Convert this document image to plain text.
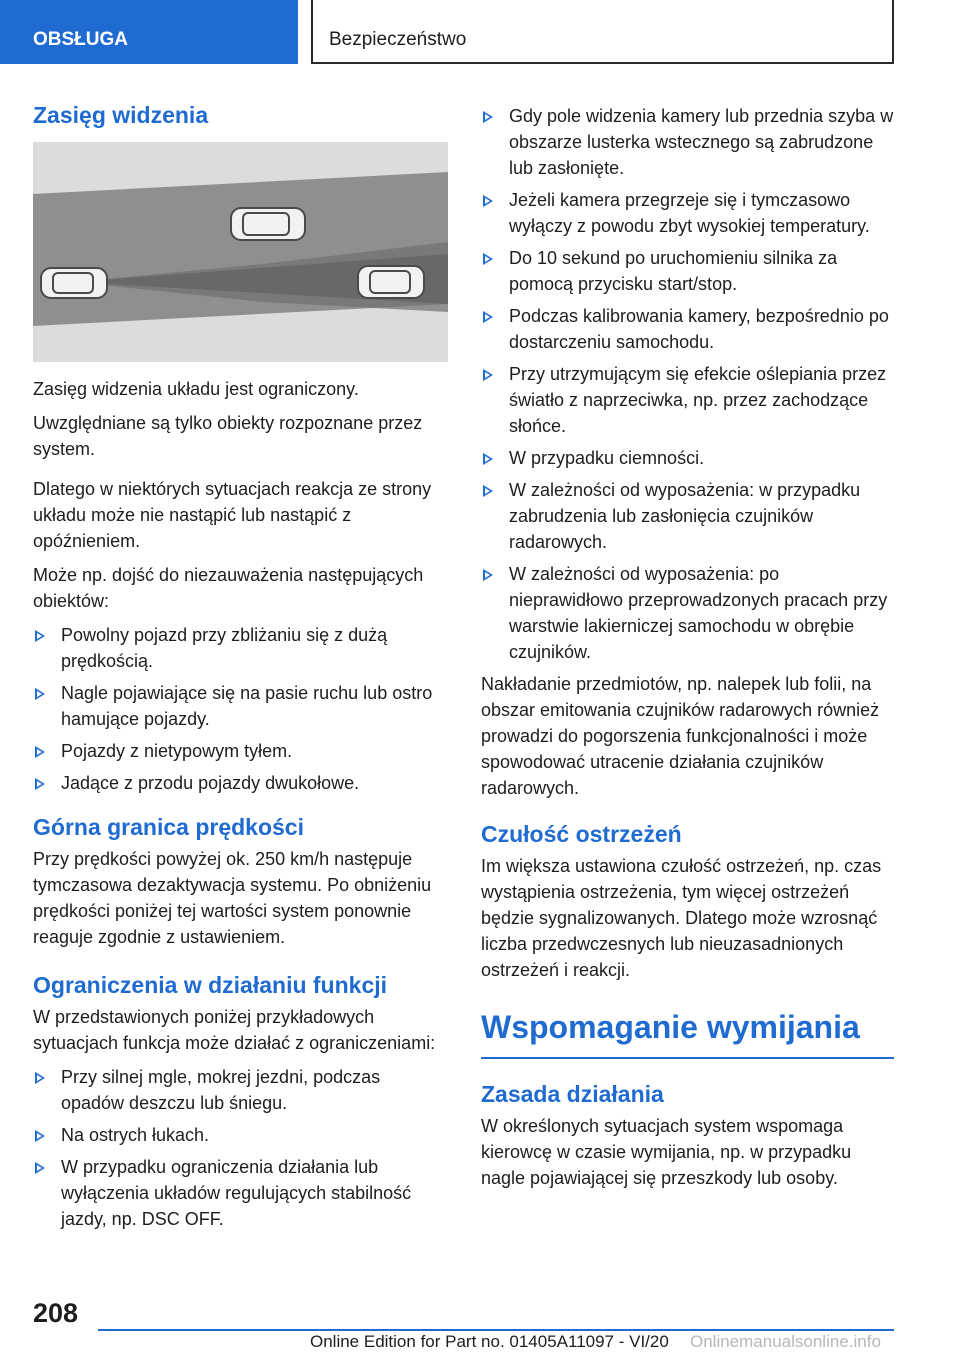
OBSŁUGA	Bezpieczeństwo
Zasięg widzenia

Zasięg widzenia układu jest ograniczony.

Uwzględniane są tylko obiekty rozpoznane przez system.

Dlatego w niektórych sytuacjach reakcja ze strony układu może nie nastąpić lub nastąpić z opóźnieniem.

Może np. dojść do niezauważenia następujących obiektów:

Powolny pojazd przy zbliżaniu się z dużą prędkością.
Nagle pojawiające się na pasie ruchu lub ostro hamujące pojazdy.
Pojazdy z nietypowym tyłem.
Jadące z przodu pojazdy dwukołowe.
Górna granica prędkości

Przy prędkości powyżej ok. 250 km/h następuje tymczasowa dezaktywacja systemu. Po obniżeniu prędkości poniżej tej wartości system ponownie reaguje zgodnie z ustawieniem.

Ograniczenia w działaniu funkcji

W przedstawionych poniżej przykładowych sytuacjach funkcja może działać z ograniczeniami:

Przy silnej mgle, mokrej jezdni, podczas opadów deszczu lub śniegu.
Na ostrych łukach.
W przypadku ograniczenia działania lub wyłączenia układów regulujących stabilność jazdy, np. DSC OFF.
Gdy pole widzenia kamery lub przednia szyba w obszarze lusterka wstecznego są zabrudzone lub zasłonięte.
Jeżeli kamera przegrzeje się i tymczasowo wyłączy z powodu zbyt wysokiej temperatury.
Do 10 sekund po uruchomieniu silnika za pomocą przycisku start/stop.
Podczas kalibrowania kamery, bezpośrednio po dostarczeniu samochodu.
Przy utrzymującym się efekcie oślepiania przez światło z naprzeciwka, np. przez zachodzące słońce.
W przypadku ciemności.
W zależności od wyposażenia: w przypadku zabrudzenia lub zasłonięcia czujników radarowych.
W zależności od wyposażenia: po nieprawidłowo przeprowadzonych pracach przy warstwie lakierniczej samochodu w obrębie czujników.

Nakładanie przedmiotów, np. nalepek lub folii, na obszar emitowania czujników radarowych również prowadzi do pogorszenia funkcjonalności i może spowodować utracenie działania czujników radarowych.

Czułość ostrzeżeń

Im większa ustawiona czułość ostrzeżeń, np. czas wystąpienia ostrzeżenia, tym więcej ostrzeżeń będzie sygnalizowanych. Dlatego może wzrosnąć liczba przedwczesnych lub nieuzasadnionych ostrzeżeń i reakcji.

Wspomaganie wymijania
Zasada działania

W określonych sytuacjach system wspomaga kierowcę w czasie wymijania, np. w przypadku nagle pojawiającej się przeszkody lub osoby.

208
Online Edition for Part no. 01405A11097 - VI/20 Onlinemanualsonline.info
